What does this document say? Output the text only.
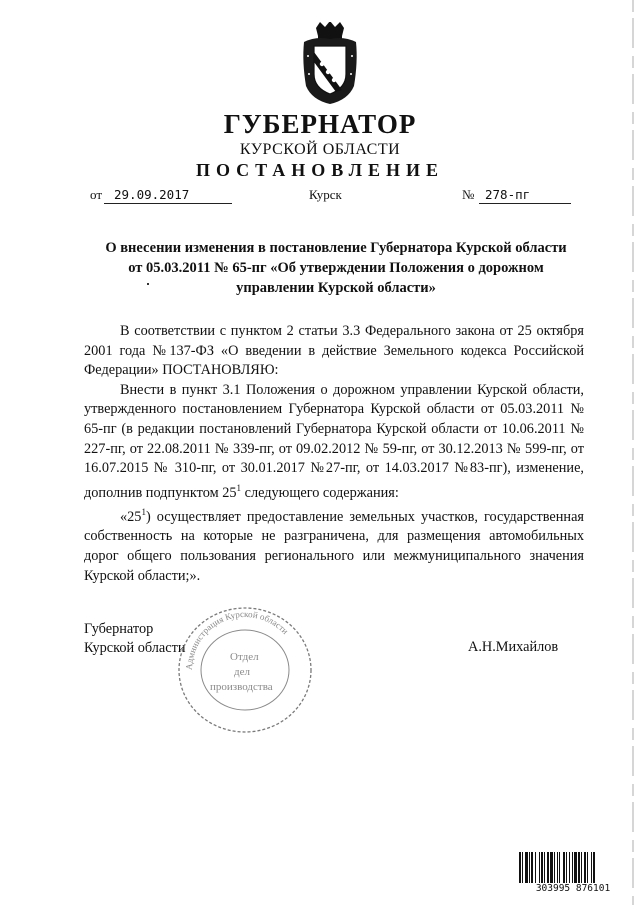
ГУБЕРНАТОР
КУРСКОЙ ОБЛАСТИ
ПОСТАНОВЛЕНИЕ
от 29.09.2017	Курск	№ 278-пг
О внесении изменения в постановление Губернатора Курской области
от 05.03.2011 № 65-пг «Об утверждении Положения о дорожном
управлении Курской области»

В соответствии с пунктом 2 статьи 3.3 Федерального закона от 25 октября 2001 года №137-ФЗ «О введении в действие Земельного кодекса Российской Федерации» ПОСТАНОВЛЯЮ:

Внести в пункт 3.1 Положения о дорожном управлении Курской области, утвержденного постановлением Губернатора Курской области от 05.03.2011 № 65-пг (в редакции постановлений Губернатора Курской области от 10.06.2011 № 227-пг, от 22.08.2011 № 339-пг, от 09.02.2012 № 59-пг, от 30.12.2013 № 599-пг, от 16.07.2015 № 310-пг, от 30.01.2017 №27-пг, от 14.03.2017 №83-пг), изменение, дополнив подпунктом $25^1$ следующего содержания:

«$25^1$) осуществляет предоставление земельных участков, государственная собственность на которые не разграничена, для размещения автомобильных дорог общего пользования регионального или межмуниципального значения Курской области;».

Губернатор
Курской области	А.Н.Михайлов
Администрация Курской области
Отдел
дел
производства
303995 876101
